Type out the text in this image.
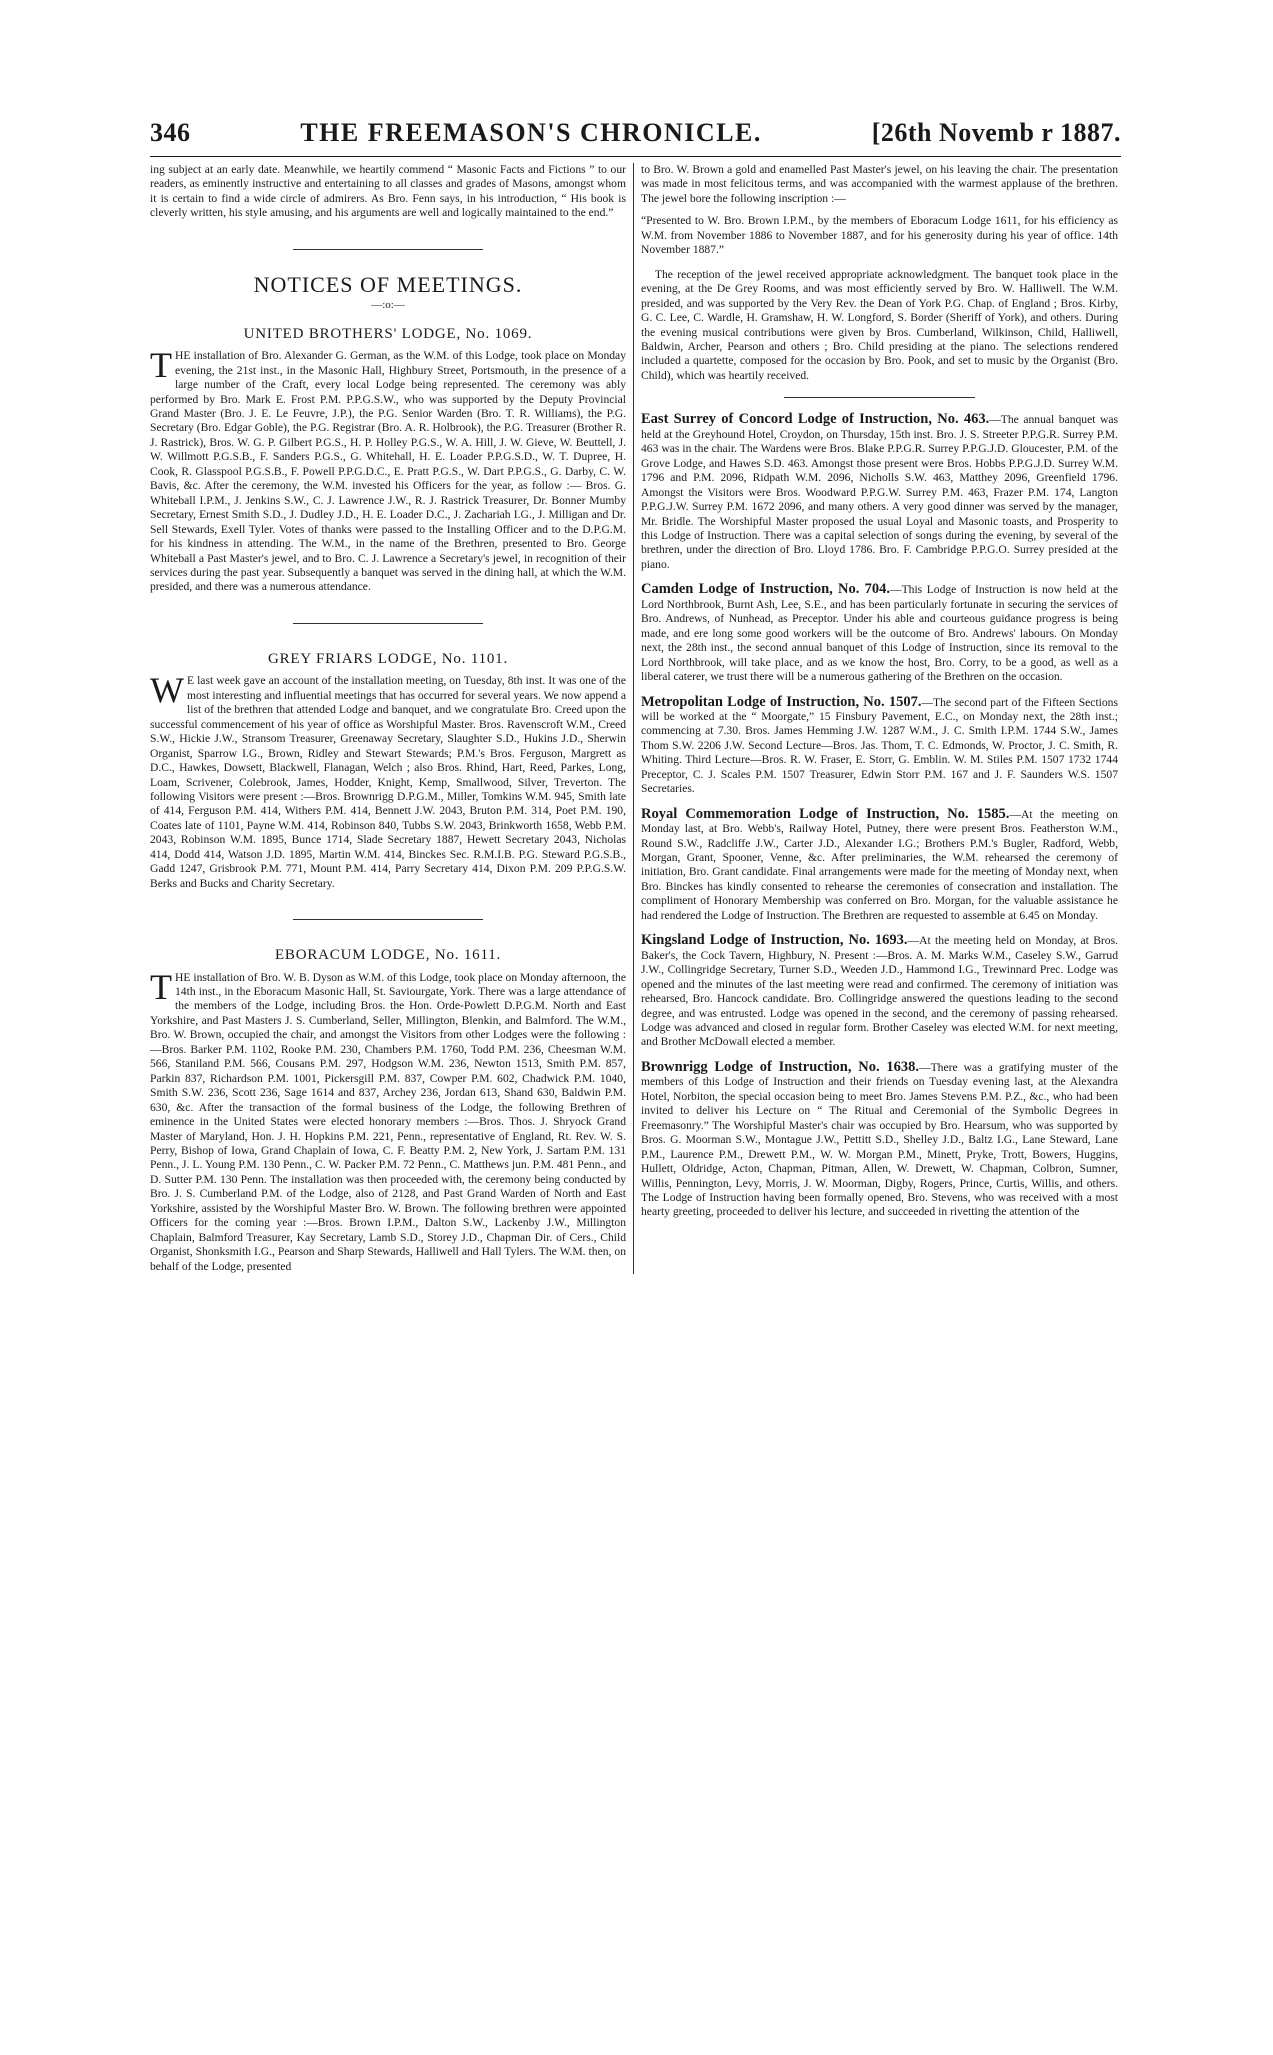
346	THE FREEMASON'S CHRONICLE.	[26th Novemb r 1887.

ing subject at an early date. Meanwhile, we heartily commend “ Masonic Facts and Fictions ” to our readers, as eminently instructive and entertaining to all classes and grades of Masons, amongst whom it is certain to find a wide circle of admirers. As Bro. Fenn says, in his introduction, “ His book is cleverly written, his style amusing, and his arguments are well and logically maintained to the end.”

NOTICES OF MEETINGS.
—:o:—
UNITED BROTHERS' LODGE, No. 1069.

THE installation of Bro. Alexander G. German, as the W.M. of this Lodge, took place on Monday evening, the 21st inst., in the Masonic Hall, Highbury Street, Portsmouth, in the presence of a large number of the Craft, every local Lodge being represented. The ceremony was ably performed by Bro. Mark E. Frost P.M. P.P.G.S.W., who was supported by the Deputy Provincial Grand Master (Bro. J. E. Le Feuvre, J.P.), the P.G. Senior Warden (Bro. T. R. Williams), the P.G. Secretary (Bro. Edgar Goble), the P.G. Registrar (Bro. A. R. Holbrook), the P.G. Treasurer (Brother R. J. Rastrick), Bros. W. G. P. Gilbert P.G.S., H. P. Holley P.G.S., W. A. Hill, J. W. Gieve, W. Beuttell, J. W. Willmott P.G.S.B., F. Sanders P.G.S., G. Whitehall, H. E. Loader P.P.G.S.D., W. T. Dupree, H. Cook, R. Glasspool P.G.S.B., F. Powell P.P.G.D.C., E. Pratt P.G.S., W. Dart P.P.G.S., G. Darby, C. W. Bavis, &c. After the ceremony, the W.M. invested his Officers for the year, as follow :— Bros. G. Whiteball I.P.M., J. Jenkins S.W., C. J. Lawrence J.W., R. J. Rastrick Treasurer, Dr. Bonner Mumby Secretary, Ernest Smith S.D., J. Dudley J.D., H. E. Loader D.C., J. Zachariah I.G., J. Milligan and Dr. Sell Stewards, Exell Tyler. Votes of thanks were passed to the Installing Officer and to the D.P.G.M. for his kindness in attending. The W.M., in the name of the Brethren, presented to Bro. George Whiteball a Past Master's jewel, and to Bro. C. J. Lawrence a Secretary's jewel, in recognition of their services during the past year. Subsequently a banquet was served in the dining hall, at which the W.M. presided, and there was a numerous attendance.

GREY FRIARS LODGE, No. 1101.

W E last week gave an account of the installation meeting, on Tuesday, 8th inst. It was one of the most interesting and influential meetings that has occurred for several years. We now append a list of the brethren that attended Lodge and banquet, and we congratulate Bro. Creed upon the successful commencement of his year of office as Worshipful Master. Bros. Ravenscroft W.M., Creed S.W., Hickie J.W., Stransom Treasurer, Greenaway Secretary, Slaughter S.D., Hukins J.D., Sherwin Organist, Sparrow I.G., Brown, Ridley and Stewart Stewards; P.M.'s Bros. Ferguson, Margrett as D.C., Hawkes, Dowsett, Blackwell, Flanagan, Welch ; also Bros. Rhind, Hart, Reed, Parkes, Long, Loam, Scrivener, Colebrook, James, Hodder, Knight, Kemp, Smallwood, Silver, Treverton. The following Visitors were present :—Bros. Brownrigg D.P.G.M., Miller, Tomkins W.M. 945, Smith late of 414, Ferguson P.M. 414, Withers P.M. 414, Bennett J.W. 2043, Bruton P.M. 314, Poet P.M. 190, Coates late of 1101, Payne W.M. 414, Robinson 840, Tubbs S.W. 2043, Brinkworth 1658, Webb P.M. 2043, Robinson W.M. 1895, Bunce 1714, Slade Secretary 1887, Hewett Secretary 2043, Nicholas 414, Dodd 414, Watson J.D. 1895, Martin W.M. 414, Binckes Sec. R.M.I.B. P.G. Steward P.G.S.B., Gadd 1247, Grisbrook P.M. 771, Mount P.M. 414, Parry Secretary 414, Dixon P.M. 209 P.P.G.S.W. Berks and Bucks and Charity Secretary.

EBORACUM LODGE, No. 1611.

THE installation of Bro. W. B. Dyson as W.M. of this Lodge, took place on Monday afternoon, the 14th inst., in the Eboracum Masonic Hall, St. Saviourgate, York. There was a large attendance of the members of the Lodge, including Bros. the Hon. Orde-Powlett D.P.G.M. North and East Yorkshire, and Past Masters J. S. Cumberland, Seller, Millington, Blenkin, and Balmford. The W.M., Bro. W. Brown, occupied the chair, and amongst the Visitors from other Lodges were the following :—Bros. Barker P.M. 1102, Rooke P.M. 230, Chambers P.M. 1760, Todd P.M. 236, Cheesman W.M. 566, Staniland P.M. 566, Cousans P.M. 297, Hodgson W.M. 236, Newton 1513, Smith P.M. 857, Parkin 837, Richardson P.M. 1001, Pickersgill P.M. 837, Cowper P.M. 602, Chadwick P.M. 1040, Smith S.W. 236, Scott 236, Sage 1614 and 837, Archey 236, Jordan 613, Shand 630, Baldwin P.M. 630, &c. After the transaction of the formal business of the Lodge, the following Brethren of eminence in the United States were elected honorary members :—Bros. Thos. J. Shryock Grand Master of Maryland, Hon. J. H. Hopkins P.M. 221, Penn., representative of England, Rt. Rev. W. S. Perry, Bishop of Iowa, Grand Chaplain of Iowa, C. F. Beatty P.M. 2, New York, J. Sartam P.M. 131 Penn., J. L. Young P.M. 130 Penn., C. W. Packer P.M. 72 Penn., C. Matthews jun. P.M. 481 Penn., and D. Sutter P.M. 130 Penn. The installation was then proceeded with, the ceremony being conducted by Bro. J. S. Cumberland P.M. of the Lodge, also of 2128, and Past Grand Warden of North and East Yorkshire, assisted by the Worshipful Master Bro. W. Brown. The following brethren were appointed Officers for the coming year :—Bros. Brown I.P.M., Dalton S.W., Lackenby J.W., Millington Chaplain, Balmford Treasurer, Kay Secretary, Lamb S.D., Storey J.D., Chapman Dir. of Cers., Child Organist, Shonksmith I.G., Pearson and Sharp Stewards, Halliwell and Hall Tylers. The W.M. then, on behalf of the Lodge, presented

to Bro. W. Brown a gold and enamelled Past Master's jewel, on his leaving the chair. The presentation was made in most felicitous terms, and was accompanied with the warmest applause of the brethren. The jewel bore the following inscription :—

“Presented to W. Bro. Brown I.P.M., by the members of Eboracum Lodge 1611, for his efficiency as W.M. from November 1886 to November 1887, and for his generosity during his year of office. 14th November 1887.”

The reception of the jewel received appropriate acknowledgment. The banquet took place in the evening, at the De Grey Rooms, and was most efficiently served by Bro. W. Halliwell. The W.M. presided, and was supported by the Very Rev. the Dean of York P.G. Chap. of England ; Bros. Kirby, G. C. Lee, C. Wardle, H. Gramshaw, H. W. Longford, S. Border (Sheriff of York), and others. During the evening musical contributions were given by Bros. Cumberland, Wilkinson, Child, Halliwell, Baldwin, Archer, Pearson and others ; Bro. Child presiding at the piano. The selections rendered included a quartette, composed for the occasion by Bro. Pook, and set to music by the Organist (Bro. Child), which was heartily received.

East Surrey of Concord Lodge of Instruction, No. 463.—The annual banquet was held at the Greyhound Hotel, Croydon, on Thursday, 15th inst. Bro. J. S. Streeter P.P.G.R. Surrey P.M. 463 was in the chair. The Wardens were Bros. Blake P.P.G.R. Surrey P.P.G.J.D. Gloucester, P.M. of the Grove Lodge, and Hawes S.D. 463. Amongst those present were Bros. Hobbs P.P.G.J.D. Surrey W.M. 1796 and P.M. 2096, Ridpath W.M. 2096, Nicholls S.W. 463, Matthey 2096, Greenfield 1796. Amongst the Visitors were Bros. Woodward P.P.G.W. Surrey P.M. 463, Frazer P.M. 174, Langton P.P.G.J.W. Surrey P.M. 1672 2096, and many others. A very good dinner was served by the manager, Mr. Bridle. The Worshipful Master proposed the usual Loyal and Masonic toasts, and Prosperity to this Lodge of Instruction. There was a capital selection of songs during the evening, by several of the brethren, under the direction of Bro. Lloyd 1786. Bro. F. Cambridge P.P.G.O. Surrey presided at the piano.

Camden Lodge of Instruction, No. 704.—This Lodge of Instruction is now held at the Lord Northbrook, Burnt Ash, Lee, S.E., and has been particularly fortunate in securing the services of Bro. Andrews, of Nunhead, as Preceptor. Under his able and courteous guidance progress is being made, and ere long some good workers will be the outcome of Bro. Andrews' labours. On Monday next, the 28th inst., the second annual banquet of this Lodge of Instruction, since its removal to the Lord Northbrook, will take place, and as we know the host, Bro. Corry, to be a good, as well as a liberal caterer, we trust there will be a numerous gathering of the Brethren on the occasion.

Metropolitan Lodge of Instruction, No. 1507.—The second part of the Fifteen Sections will be worked at the “ Moorgate,” 15 Finsbury Pavement, E.C., on Monday next, the 28th inst.; commencing at 7.30. Bros. James Hemming J.W. 1287 W.M., J. C. Smith I.P.M. 1744 S.W., James Thom S.W. 2206 J.W. Second Lecture—Bros. Jas. Thom, T. C. Edmonds, W. Proctor, J. C. Smith, R. Whiting. Third Lecture—Bros. R. W. Fraser, E. Storr, G. Emblin. W. M. Stiles P.M. 1507 1732 1744 Preceptor, C. J. Scales P.M. 1507 Treasurer, Edwin Storr P.M. 167 and J. F. Saunders W.S. 1507 Secretaries.

Royal Commemoration Lodge of Instruction, No. 1585.—At the meeting on Monday last, at Bro. Webb's, Railway Hotel, Putney, there were present Bros. Featherston W.M., Round S.W., Radcliffe J.W., Carter J.D., Alexander I.G.; Brothers P.M.'s Bugler, Radford, Webb, Morgan, Grant, Spooner, Venne, &c. After preliminaries, the W.M. rehearsed the ceremony of initiation, Bro. Grant candidate. Final arrangements were made for the meeting of Monday next, when Bro. Binckes has kindly consented to rehearse the ceremonies of consecration and installation. The compliment of Honorary Membership was conferred on Bro. Morgan, for the valuable assistance he had rendered the Lodge of Instruction. The Brethren are requested to assemble at 6.45 on Monday.

Kingsland Lodge of Instruction, No. 1693.—At the meeting held on Monday, at Bros. Baker's, the Cock Tavern, Highbury, N. Present :—Bros. A. M. Marks W.M., Caseley S.W., Garrud J.W., Collingridge Secretary, Turner S.D., Weeden J.D., Hammond I.G., Trewinnard Prec. Lodge was opened and the minutes of the last meeting were read and confirmed. The ceremony of initiation was rehearsed, Bro. Hancock candidate. Bro. Collingridge answered the questions leading to the second degree, and was entrusted. Lodge was opened in the second, and the ceremony of passing rehearsed. Lodge was advanced and closed in regular form. Brother Caseley was elected W.M. for next meeting, and Brother McDowall elected a member.

Brownrigg Lodge of Instruction, No. 1638.—There was a gratifying muster of the members of this Lodge of Instruction and their friends on Tuesday evening last, at the Alexandra Hotel, Norbiton, the special occasion being to meet Bro. James Stevens P.M. P.Z., &c., who had been invited to deliver his Lecture on “ The Ritual and Ceremonial of the Symbolic Degrees in Freemasonry.” The Worshipful Master's chair was occupied by Bro. Hearsum, who was supported by Bros. G. Moorman S.W., Montague J.W., Pettitt S.D., Shelley J.D., Baltz I.G., Lane Steward, Lane P.M., Laurence P.M., Drewett P.M., W. W. Morgan P.M., Minett, Pryke, Trott, Bowers, Huggins, Hullett, Oldridge, Acton, Chapman, Pitman, Allen, W. Drewett, W. Chapman, Colbron, Sumner, Willis, Pennington, Levy, Morris, J. W. Moorman, Digby, Rogers, Prince, Curtis, Willis, and others. The Lodge of Instruction having been formally opened, Bro. Stevens, who was received with a most hearty greeting, proceeded to deliver his lecture, and succeeded in rivetting the attention of the
